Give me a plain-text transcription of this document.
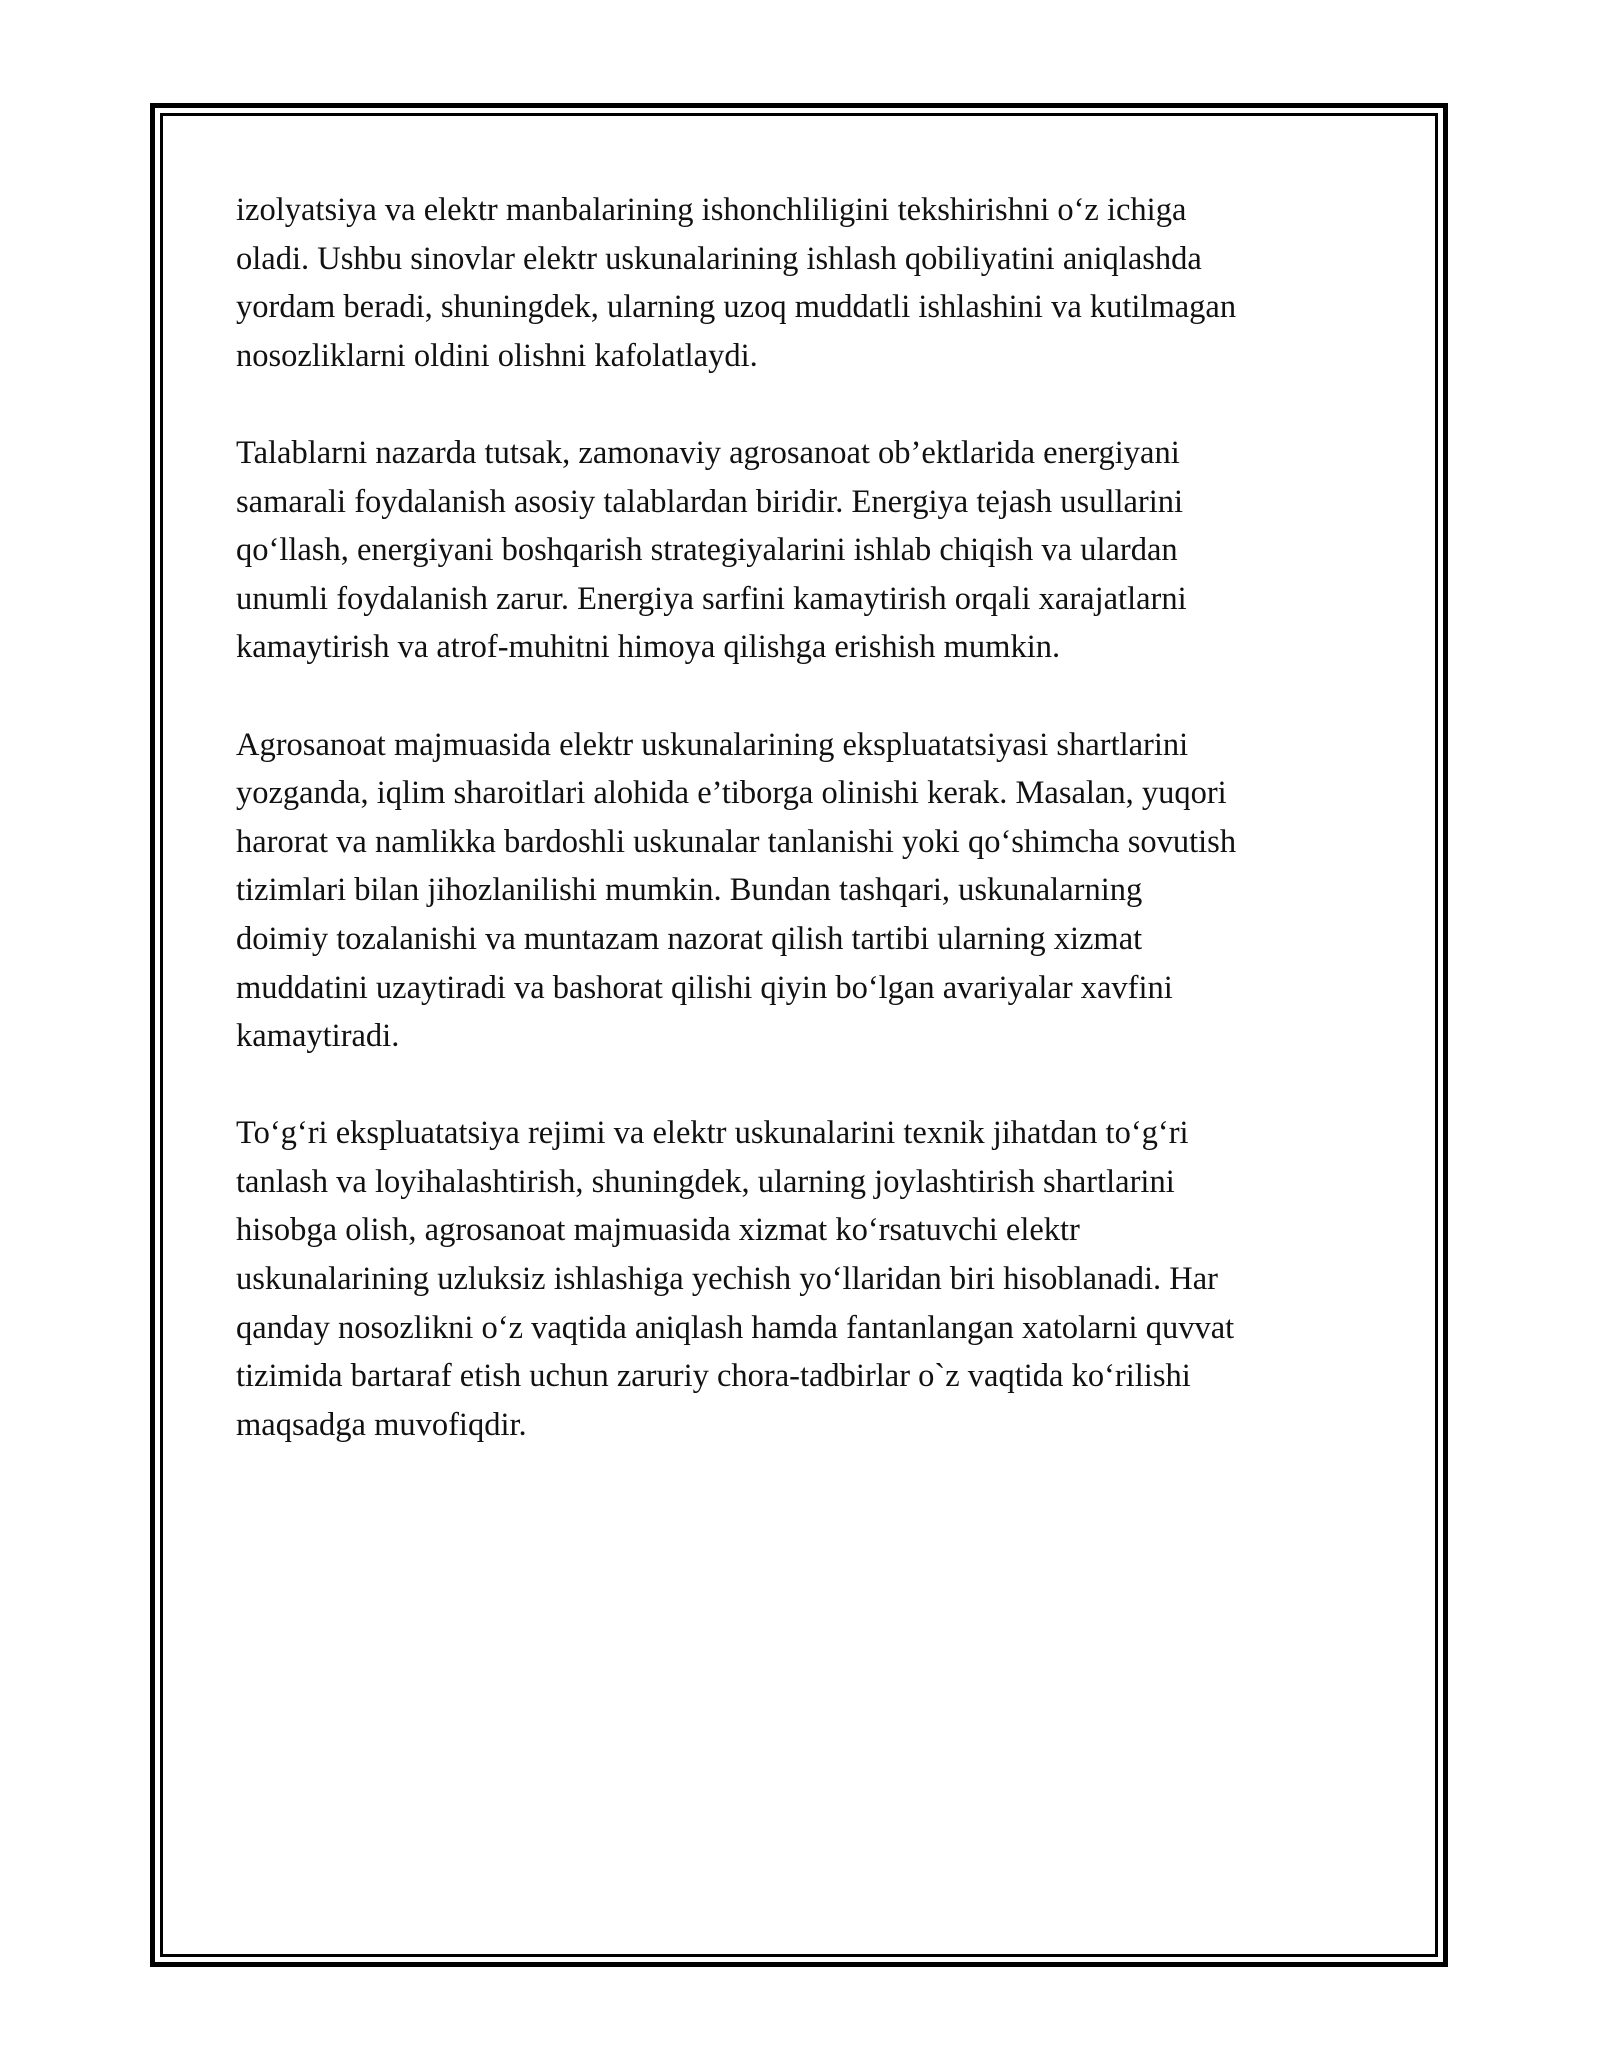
izolyatsiya va elektr manbalarining ishonchliligini tekshirishni o‘z ichiga
oladi. Ushbu sinovlar elektr uskunalarining ishlash qobiliyatini aniqlashda
yordam beradi, shuningdek, ularning uzoq muddatli ishlashini va kutilmagan
nosozliklarni oldini olishni kafolatlaydi.

Talablarni nazarda tutsak, zamonaviy agrosanoat ob’ektlarida energiyani
samarali foydalanish asosiy talablardan biridir. Energiya tejash usullarini
qo‘llash, energiyani boshqarish strategiyalarini ishlab chiqish va ulardan
unumli foydalanish zarur. Energiya sarfini kamaytirish orqali xarajatlarni
kamaytirish va atrof-muhitni himoya qilishga erishish mumkin.

Agrosanoat majmuasida elektr uskunalarining ekspluatatsiyasi shartlarini
yozganda, iqlim sharoitlari alohida e’tiborga olinishi kerak. Masalan, yuqori
harorat va namlikka bardoshli uskunalar tanlanishi yoki qo‘shimcha sovutish
tizimlari bilan jihozlanilishi mumkin. Bundan tashqari, uskunalarning
doimiy tozalanishi va muntazam nazorat qilish tartibi ularning xizmat
muddatini uzaytiradi va bashorat qilishi qiyin bo‘lgan avariyalar xavfini
kamaytiradi.

To‘g‘ri ekspluatatsiya rejimi va elektr uskunalarini texnik jihatdan to‘g‘ri
tanlash va loyihalashtirish, shuningdek, ularning joylashtirish shartlarini
hisobga olish, agrosanoat majmuasida xizmat ko‘rsatuvchi elektr
uskunalarining uzluksiz ishlashiga yechish yo‘llaridan biri hisoblanadi. Har
qanday nosozlikni o‘z vaqtida aniqlash hamda fantanlangan xatolarni quvvat
tizimida bartaraf etish uchun zaruriy chora-tadbirlar o`z vaqtida ko‘rilishi
maqsadga muvofiqdir.
